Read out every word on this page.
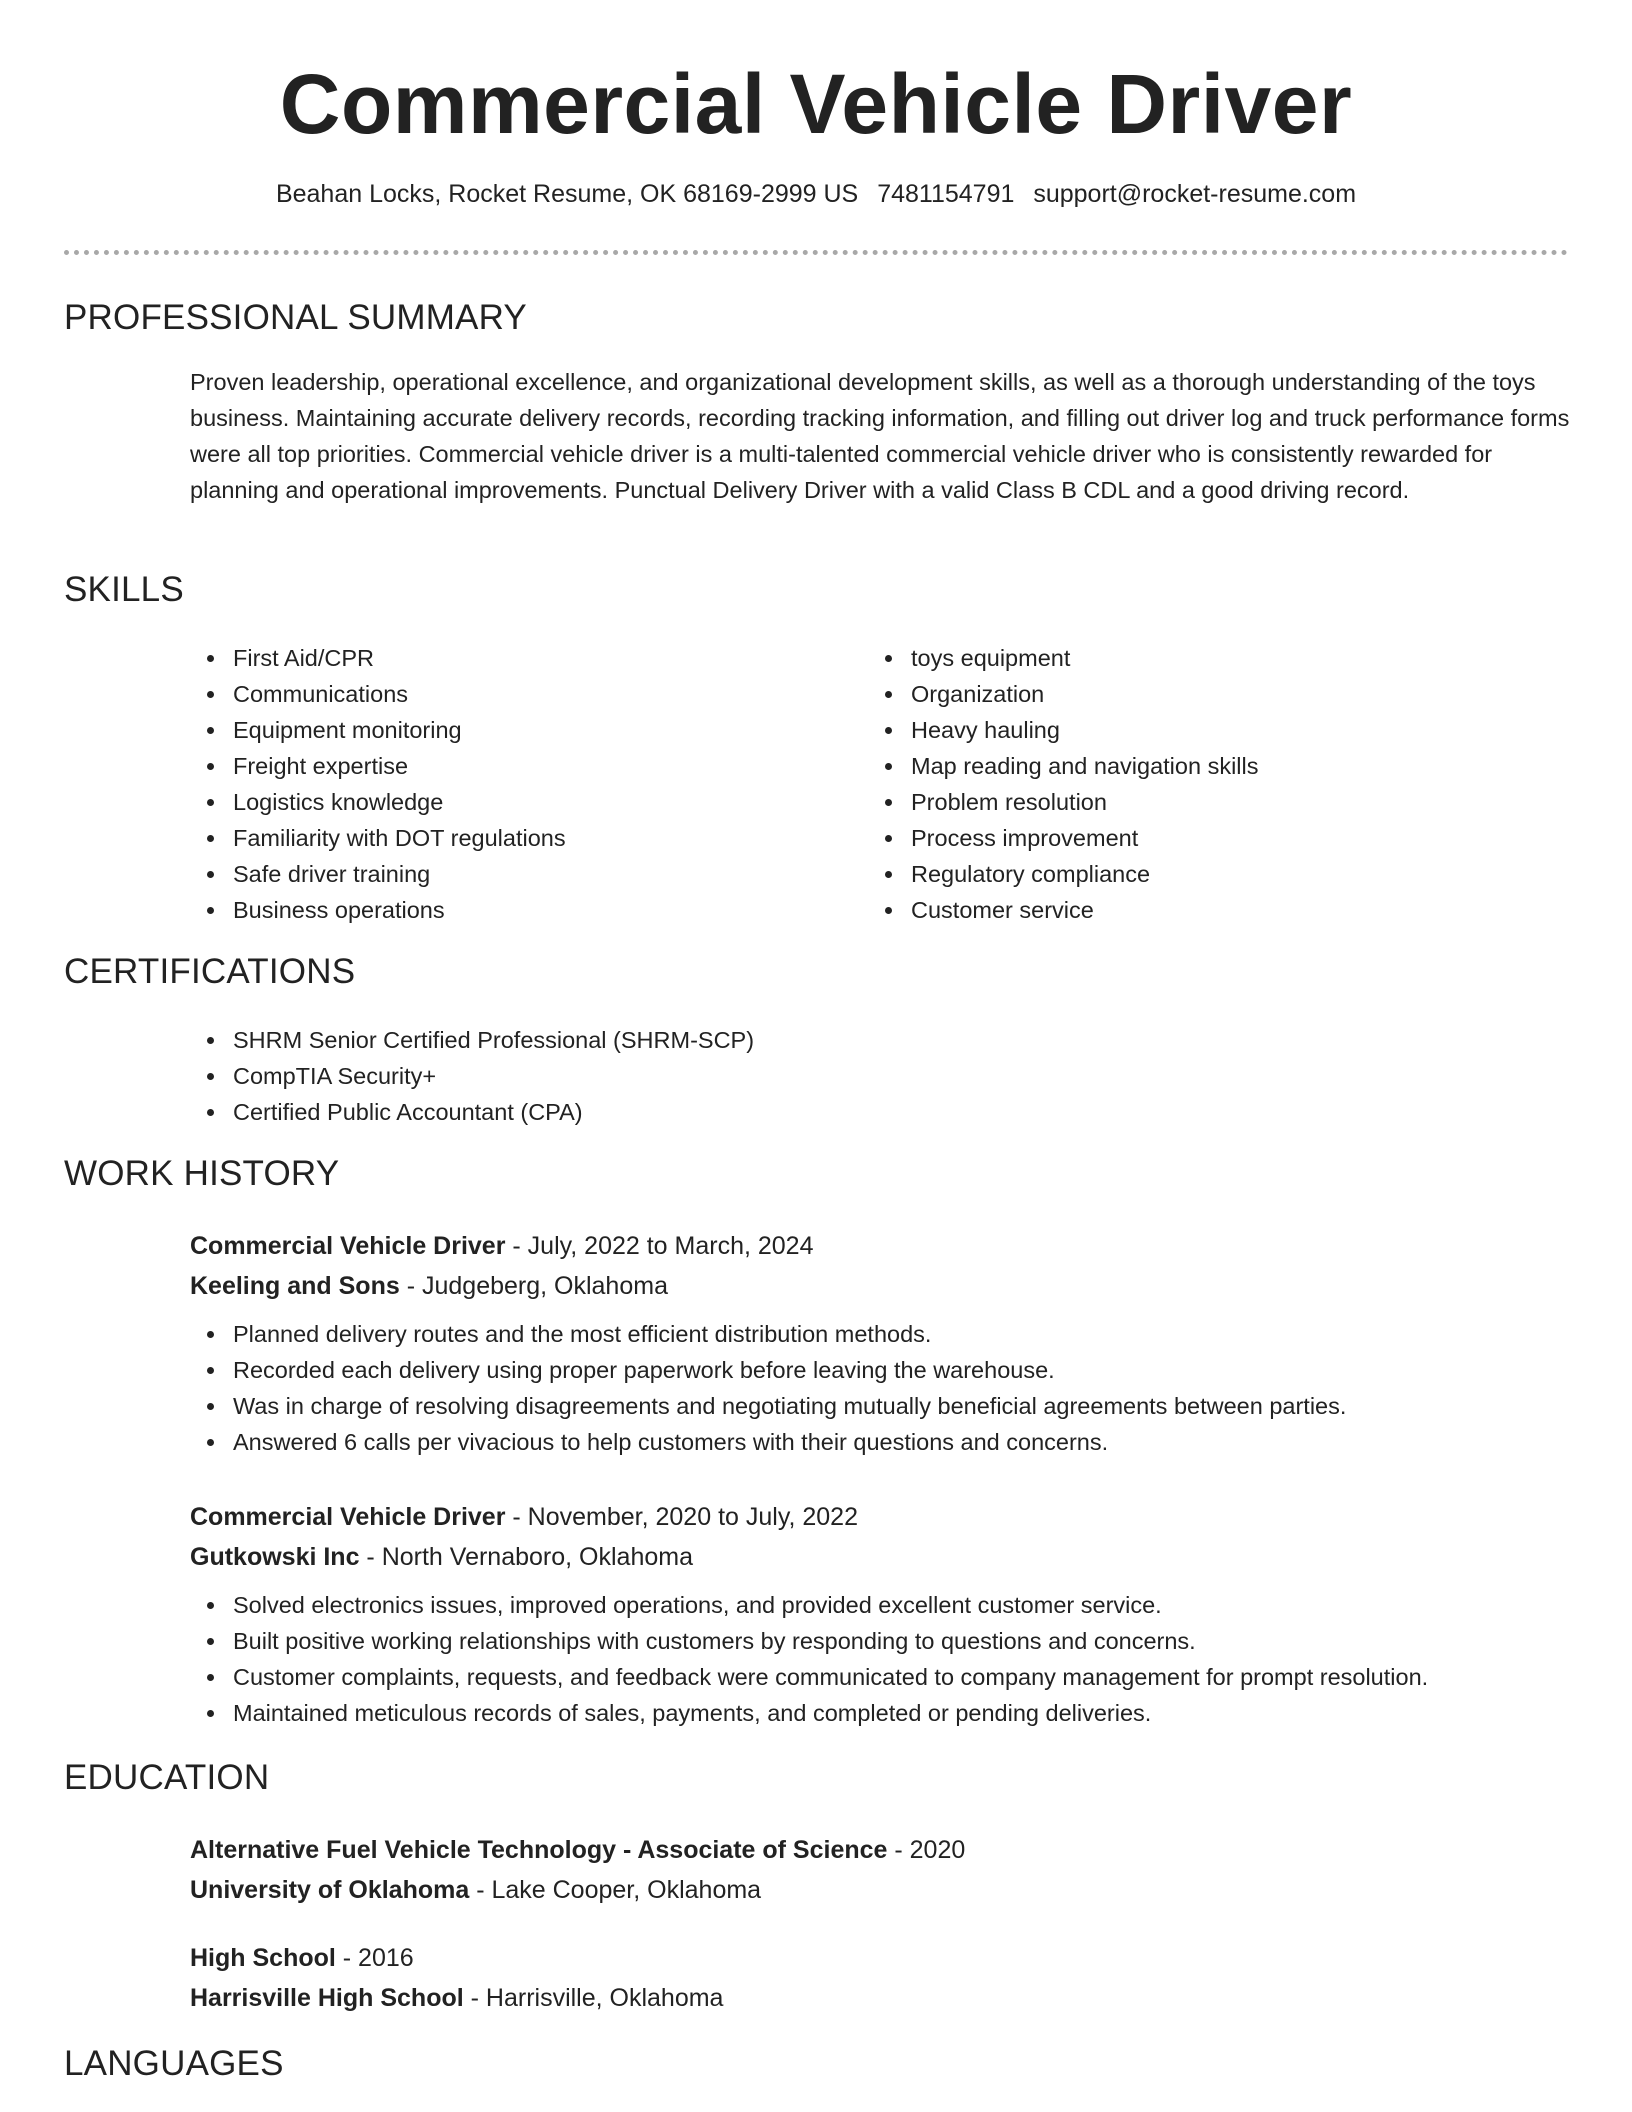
Commercial Vehicle Driver
Beahan Locks, Rocket Resume, OK 68169-2999 US 7481154791 support@rocket-resume.com
PROFESSIONAL SUMMARY

Proven leadership, operational excellence, and organizational development skills, as well as a thorough understanding of the toys business. Maintaining accurate delivery records, recording tracking information, and filling out driver log and truck performance forms were all top priorities. Commercial vehicle driver is a multi-talented commercial vehicle driver who is consistently rewarded for planning and operational improvements. Punctual Delivery Driver with a valid Class B CDL and a good driving record.

SKILLS
First Aid/CPR
Communications
Equipment monitoring
Freight expertise
Logistics knowledge
Familiarity with DOT regulations
Safe driver training
Business operations
toys equipment
Organization
Heavy hauling
Map reading and navigation skills
Problem resolution
Process improvement
Regulatory compliance
Customer service
CERTIFICATIONS
SHRM Senior Certified Professional (SHRM-SCP)
CompTIA Security+
Certified Public Accountant (CPA)
WORK HISTORY
Commercial Vehicle Driver - July, 2022 to March, 2024
Keeling and Sons - Judgeberg, Oklahoma
Planned delivery routes and the most efficient distribution methods.
Recorded each delivery using proper paperwork before leaving the warehouse.
Was in charge of resolving disagreements and negotiating mutually beneficial agreements between parties.
Answered 6 calls per vivacious to help customers with their questions and concerns.
Commercial Vehicle Driver - November, 2020 to July, 2022
Gutkowski Inc - North Vernaboro, Oklahoma
Solved electronics issues, improved operations, and provided excellent customer service.
Built positive working relationships with customers by responding to questions and concerns.
Customer complaints, requests, and feedback were communicated to company management for prompt resolution.
Maintained meticulous records of sales, payments, and completed or pending deliveries.
EDUCATION
Alternative Fuel Vehicle Technology - Associate of Science - 2020
University of Oklahoma - Lake Cooper, Oklahoma
High School - 2016
Harrisville High School - Harrisville, Oklahoma
LANGUAGES
